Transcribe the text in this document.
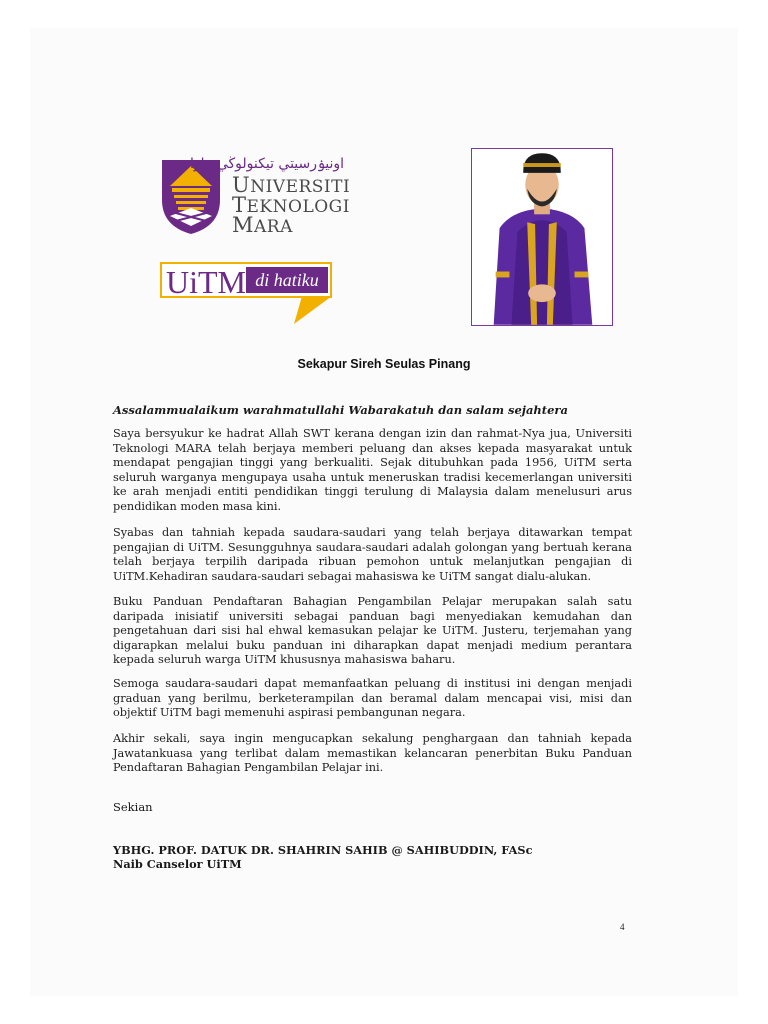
اونيۏرسيتي تيكنولوڬي مارا
UNIVERSITI
TEKNOLOGI
MARA
UiTM di hatiku
Sekapur Sireh Seulas Pinang
Assalammualaikum warahmatullahi Wabarakatuh dan salam sejahtera

Saya bersyukur ke hadrat Allah SWT kerana dengan izin dan rahmat-Nya jua, Universiti Teknologi MARA telah berjaya memberi peluang dan akses kepada masyarakat untuk mendapat pengajian tinggi yang berkualiti. Sejak ditubuhkan pada 1956, UiTM serta seluruh warganya mengupaya usaha untuk meneruskan tradisi kecemerlangan universiti ke arah menjadi entiti pendidikan tinggi terulung di Malaysia dalam menelusuri arus pendidikan moden masa kini.

Syabas dan tahniah kepada saudara-saudari yang telah berjaya ditawarkan tempat pengajian di UiTM. Sesungguhnya saudara-saudari adalah golongan yang bertuah kerana telah berjaya terpilih daripada ribuan pemohon untuk melanjutkan pengajian di UiTM.Kehadiran saudara-saudari sebagai mahasiswa ke UiTM sangat dialu-alukan.

Buku Panduan Pendaftaran Bahagian Pengambilan Pelajar merupakan salah satu daripada inisiatif universiti sebagai panduan bagi menyediakan kemudahan dan pengetahuan dari sisi hal ehwal kemasukan pelajar ke UiTM. Justeru, terjemahan yang digarapkan melalui buku panduan ini diharapkan dapat menjadi medium perantara kepada seluruh warga UiTM khususnya mahasiswa baharu.

Semoga saudara-saudari dapat memanfaatkan peluang di institusi ini dengan menjadi graduan yang berilmu, berketerampilan dan beramal dalam mencapai visi, misi dan objektif UiTM bagi memenuhi aspirasi pembangunan negara.

Akhir sekali, saya ingin mengucapkan sekalung penghargaan dan tahniah kepada Jawatankuasa yang terlibat dalam memastikan kelancaran penerbitan Buku Panduan Pendaftaran Bahagian Pengambilan Pelajar ini.

Sekian
YBHG. PROF. DATUK DR. SHAHRIN SAHIB @ SAHIBUDDIN, FASc
Naib Canselor UiTM
4
